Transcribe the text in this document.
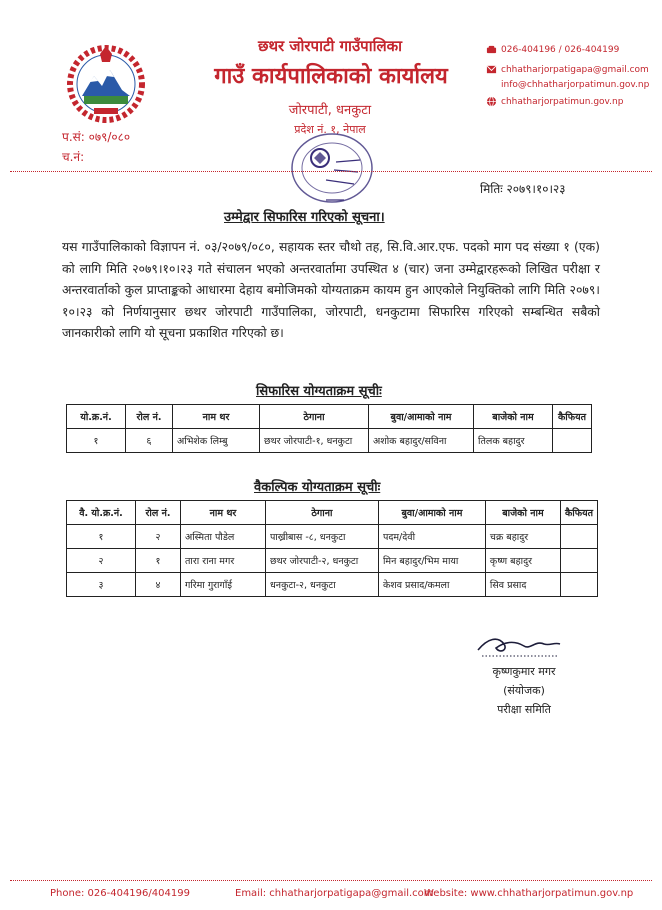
छथर जोरपाटी गाउँपालिका
गाउँ कार्यपालिकाको कार्यालय
जोरपाटी, धनकुटा
प्रदेश नं. १, नेपाल
026-404196 / 026-404199
chhatharjorpatigapa@gmail.com
info@chhatharjorpatimun.gov.np
chhatharjorpatimun.gov.np
प.सं: ०७९/०८०
च.नं:
मितिः २०७९।१०।२३
उम्मेद्वार सिफारिस गरिएको सूचना।
यस गाउँपालिकाको विज्ञापन नं. ०३/२०७९/०८०, सहायक स्तर चौथो तह, सि.वि.आर.एफ. पदको माग पद संख्या १ (एक) को लागि मिति २०७९।१०।२३ गते संचालन भएको अन्तरवार्तामा उपस्थित ४ (चार) जना उम्मेद्वारहरूको लिखित परीक्षा र अन्तरवार्ताको कुल प्राप्ताङ्कको आधारमा देहाय बमोजिमको योग्यताक्रम कायम हुन आएकोले नियुक्तिको लागि मिति २०७९।१०।२३ को निर्णयानुसार छथर जोरपाटी गाउँपालिका, जोरपाटी, धनकुटामा सिफारिस गरिएको सम्बन्धित सबैको जानकारीको लागि यो सूचना प्रकाशित गरिएको छ।
सिफारिस योग्यताक्रम सूचीः
यो.क्र.नं.	रोल नं.	नाम थर	ठेगाना	बुवा/आमाको नाम	बाजेको नाम	कैफियत
१	६	अभिशेक लिम्बु	छथर जोरपाटी-१, धनकुटा	अशोक बहादुर/सविना	तिलक बहादुर	
वैकल्पिक योग्यताक्रम सूचीः
वै. यो.क्र.नं.	रोल नं.	नाम थर	ठेगाना	बुवा/आमाको नाम	बाजेको नाम	कैफियत
१	२	अस्मिता पौडेल	पाख्रीबास -८, धनकुटा	पदम/देवी	चक्र बहादुर	
२	१	तारा राना मगर	छथर जोरपाटी-२, धनकुटा	मिन बहादुर/भिम माया	कृष्ण बहादुर	
३	४	गरिमा गुरागाँई	धनकुटा-२, धनकुटा	केशव प्रसाद/कमला	सिव प्रसाद	
कृष्णकुमार मगर
(संयोजक)
परीक्षा समिति
Phone: 026-404196/404199	Email: chhatharjorpatigapa@gmail.com
Website: www.chhatharjorpatimun.gov.np
